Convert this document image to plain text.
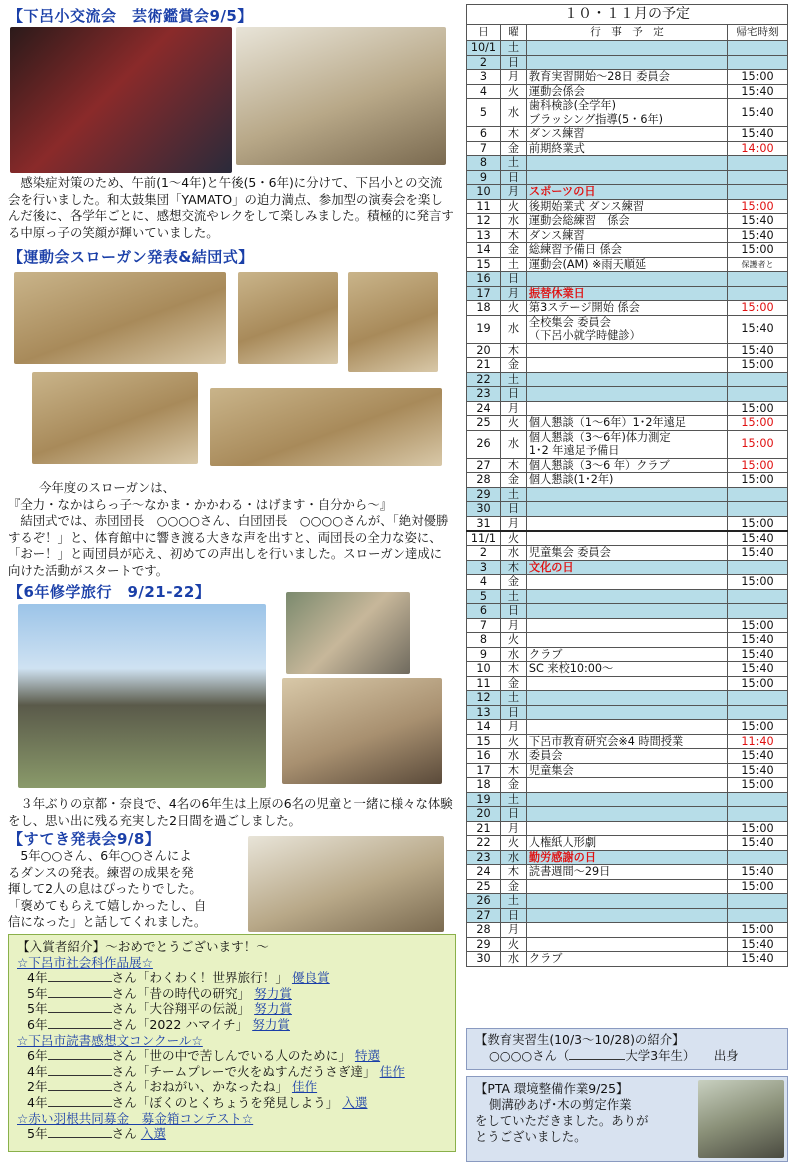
【下呂小交流会　芸術鑑賞会9/5】

感染症対策のため、午前(1～4年)と午後(5・6年)に分けて、下呂小との交流会を行いました。和太鼓集団「YAMATO」の迫力満点、参加型の演奏会を楽しんだ後に、各学年ごとに、感想交流やレクをして楽しみました。積極的に発言する中原っ子の笑顔が輝いていました。

【運動会スローガン発表&結団式】

今年度のスローガンは、

『全力・なかはらっ子～なかま・かかわる・はげます・自分から～』

結団式では、赤団団長　○○○○さん、白団団長　○○○○さんが、「絶対優勝するぞ！」と、体育館中に響き渡る大きな声を出すと、両団長の全力な姿に、「おー！」と両団員が応え、初めての声出しを行いました。スローガン達成に向けた活動がスタートです。

【6年修学旅行　9/21-22】

３年ぶりの京都・奈良で、4名の6年生は上原の6名の児童と一緒に様々な体験をし、思い出に残る充実した2日間を過ごしました。

【すてき発表会9/8】

5年○○さん、6年○○さんによ

るダンスの発表。練習の成果を発

揮して2人の息はぴったりでした。

「褒めてもらえて嬉しかったし、自

信になった」と話してくれました。

【入賞者紹介】～おめでとうございます！～
☆下呂市社会科作品展☆
4年	さん「わくわく！世界旅行！」 優良賞
5年	さん「昔の時代の研究」 努力賞
5年	さん「大谷翔平の伝説」 努力賞
6年	さん「2022 ハマイチ」 努力賞
☆下呂市読書感想文コンクール☆
6年	さん「世の中で苦しんでいる人のために」 特選
4年	さん「チームプレーで火をぬすんだうさぎ達」 佳作
2年	さん「おねがい、かなったね」 佳作
4年	さん「ぼくのとくちょうを発見しよう」 入選
☆赤い羽根共同募金　募金箱コンテスト☆
5年	さん 入選
１０・１１月の予定			
日	曜	行　事　予　定	帰宅時刻
10/1	土		
2	日		
3	月	教育実習開始～28日 委員会	15:00
4	火	運動会係会	15:40
5	水	歯科検診(全学年)
ブラッシング指導(5・6年)	15:40
6	木	ダンス練習	15:40
7	金	前期終業式	14:00
8	土		
9	日		
10	月	スポーツの日	
11	火	後期始業式 ダンス練習	15:00
12	水	運動会総練習　係会	15:40
13	木	ダンス練習	15:40
14	金	総練習予備日 係会	15:00
15	土	運動会(AM) ※雨天順延	保護者と
16	日		
17	月	振替休業日	
18	火	第3ステージ開始 係会	15:00
19	水	全校集会 委員会
（下呂小就学時健診）	15:40
20	木		15:40
21	金		15:00
22	土		
23	日		
24	月		15:00
25	火	個人懇談（1～6年）1･2年遠足	15:00
26	水	個人懇談（3～6年)体力測定
1･2 年遠足予備日	15:00
27	木	個人懇談（3～6 年）クラブ	15:00
28	金	個人懇談(1･2年)	15:00
29	土		
30	日		
31	月		15:00
11/1	火		15:40
2	水	児童集会 委員会	15:40
3	木	文化の日	
4	金		15:00
5	土		
6	日		
7	月		15:00
8	火		15:40
9	水	クラブ	15:40
10	木	SC 来校10:00～	15:40
11	金		15:00
12	土		
13	日		
14	月		15:00
15	火	下呂市教育研究会※4 時間授業	11:40
16	水	委員会	15:40
17	木	児童集会	15:40
18	金		15:00
19	土		
20	日		
21	月		15:00
22	火	人権紙人形劇	15:40
23	水	勤労感謝の日	
24	木	読書週間～29日	15:40
25	金		15:00
26	土		
27	日		
28	月		15:00
29	火		15:40
30	水	クラブ	15:40
【教育実習生(10/3～10/28)の紹介】
○○○○さん（	大学3年生）　　出身
【PTA 環境整備作業9/25】
側溝砂あげ･木の剪定作業
をしていただきました。ありが
とうございました。
